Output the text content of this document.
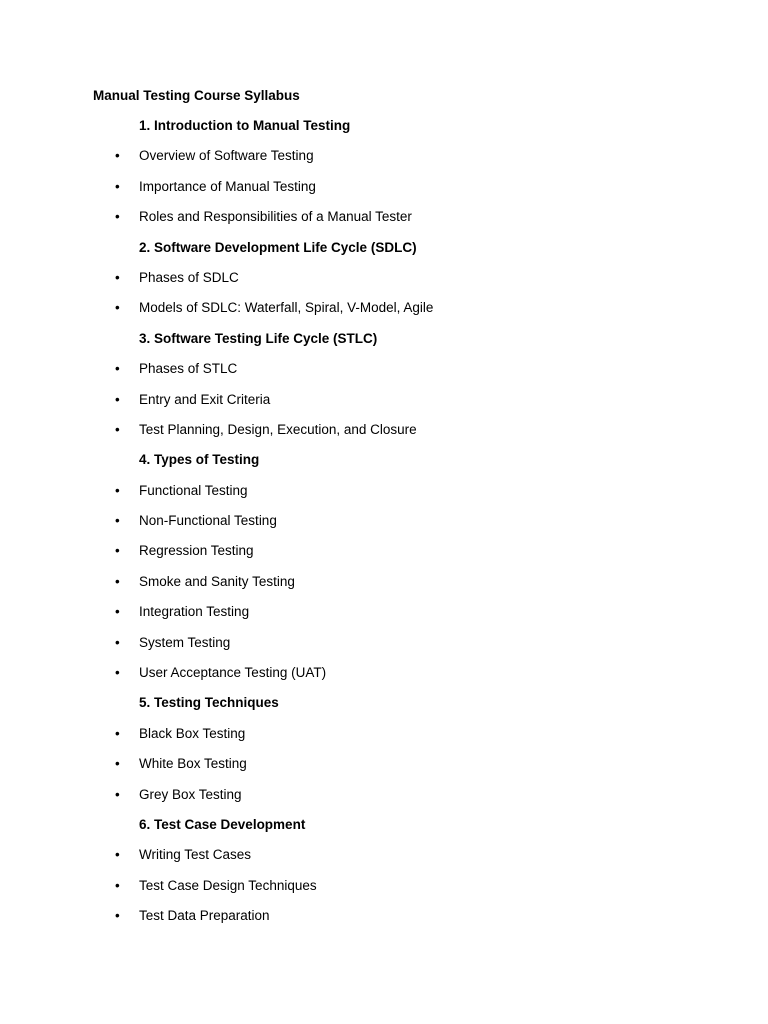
Manual Testing Course Syllabus
1. Introduction to Manual Testing
• Overview of Software Testing
• Importance of Manual Testing
• Roles and Responsibilities of a Manual Tester
2. Software Development Life Cycle (SDLC)
• Phases of SDLC
• Models of SDLC: Waterfall, Spiral, V-Model, Agile
3. Software Testing Life Cycle (STLC)
• Phases of STLC
• Entry and Exit Criteria
• Test Planning, Design, Execution, and Closure
4. Types of Testing
• Functional Testing
• Non-Functional Testing
• Regression Testing
• Smoke and Sanity Testing
• Integration Testing
• System Testing
• User Acceptance Testing (UAT)
5. Testing Techniques
• Black Box Testing
• White Box Testing
• Grey Box Testing
6. Test Case Development
• Writing Test Cases
• Test Case Design Techniques
• Test Data Preparation
